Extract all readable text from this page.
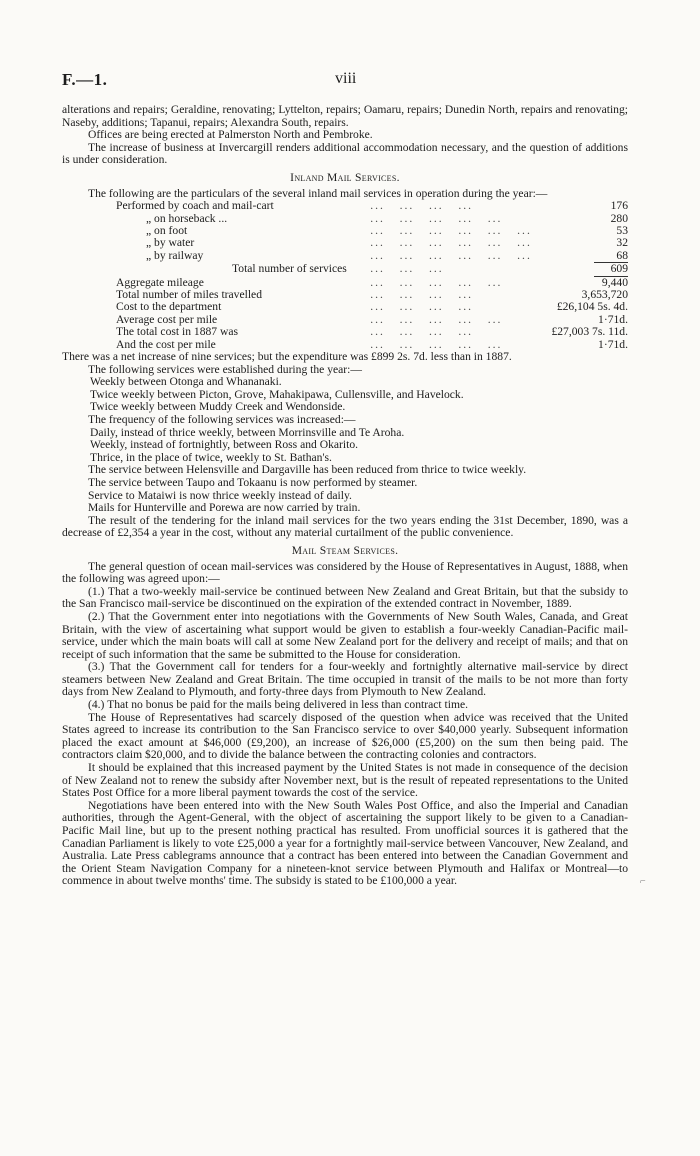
F.—1.	viii

alterations and repairs; Geraldine, renovating; Lyttelton, repairs; Oamaru, repairs; Dunedin North, repairs and renovating; Naseby, additions; Tapanui, repairs; Alexandra South, repairs.

Offices are being erected at Palmerston North and Pembroke.

The increase of business at Invercargill renders additional accommodation necessary, and the question of additions is under consideration.

Inland Mail Services.

The following are the particulars of the several inland mail services in operation during the year:—

Performed by coach and mail-cart	...   ...   ...   ...	176
„ on horseback ...	...   ...   ...   ...   ...	280
„ on foot	...   ...   ...   ...   ...   ...	53
„ by water	...   ...   ...   ...   ...   ...	32
„ by railway	...   ...   ...   ...   ...   ...	68

Total number of services	...   ...   ...	609

Aggregate mileage	...   ...   ...   ...   ...	9,440
Total number of miles travelled	...   ...   ...   ...	3,653,720
Cost to the department	...   ...   ...   ...	£26,104 5s. 4d.
Average cost per mile	...   ...   ...   ...   ...	1·71d.
The total cost in 1887 was	...   ...   ...   ...	£27,003 7s. 11d.
And the cost per mile	...   ...   ...   ...   ...	1·71d.

There was a net increase of nine services; but the expenditure was £899 2s. 7d. less than in 1887.

The following services were established during the year:—

Weekly between Otonga and Whananaki.

Twice weekly between Picton, Grove, Mahakipawa, Cullensville, and Havelock.

Twice weekly between Muddy Creek and Wendonside.

The frequency of the following services was increased:—

Daily, instead of thrice weekly, between Morrinsville and Te Aroha.

Weekly, instead of fortnightly, between Ross and Okarito.

Thrice, in the place of twice, weekly to St. Bathan's.

The service between Helensville and Dargaville has been reduced from thrice to twice weekly.

The service between Taupo and Tokaanu is now performed by steamer.

Service to Mataiwi is now thrice weekly instead of daily.

Mails for Hunterville and Porewa are now carried by train.

The result of the tendering for the inland mail services for the two years ending the 31st December, 1890, was a decrease of £2,354 a year in the cost, without any material curtailment of the public convenience.

Mail Steam Services.

The general question of ocean mail-services was considered by the House of Representatives in August, 1888, when the following was agreed upon:—

(1.) That a two-weekly mail-service be continued between New Zealand and Great Britain, but that the subsidy to the San Francisco mail-service be discontinued on the expiration of the extended contract in November, 1889.

(2.) That the Government enter into negotiations with the Governments of New South Wales, Canada, and Great Britain, with the view of ascertaining what support would be given to establish a four-weekly Canadian-Pacific mail-service, under which the main boats will call at some New Zealand port for the delivery and receipt of mails; and that on receipt of such information that the same be submitted to the House for consideration.

(3.) That the Government call for tenders for a four-weekly and fortnightly alternative mail-service by direct steamers between New Zealand and Great Britain. The time occupied in transit of the mails to be not more than forty days from New Zealand to Plymouth, and forty-three days from Plymouth to New Zealand.

(4.) That no bonus be paid for the mails being delivered in less than contract time.

The House of Representatives had scarcely disposed of the question when advice was received that the United States agreed to increase its contribution to the San Francisco service to over $40,000 yearly. Subsequent information placed the exact amount at $46,000 (£9,200), an increase of $26,000 (£5,200) on the sum then being paid. The contractors claim $20,000, and to divide the balance between the contracting colonies and contractors.

It should be explained that this increased payment by the United States is not made in consequence of the decision of New Zealand not to renew the subsidy after November next, but is the result of repeated representations to the United States Post Office for a more liberal payment towards the cost of the service.

Negotiations have been entered into with the New South Wales Post Office, and also the Imperial and Canadian authorities, through the Agent-General, with the object of ascertaining the support likely to be given to a Canadian-Pacific Mail line, but up to the present nothing practical has resulted. From unofficial sources it is gathered that the Canadian Parliament is likely to vote £25,000 a year for a fortnightly mail-service between Vancouver, New Zealand, and Australia. Late Press cablegrams announce that a contract has been entered into between the Canadian Government and the Orient Steam Navigation Company for a nineteen-knot service between Plymouth and Halifax or Montreal—to commence in about twelve months' time. The subsidy is stated to be £100,000 a year.	⌐
